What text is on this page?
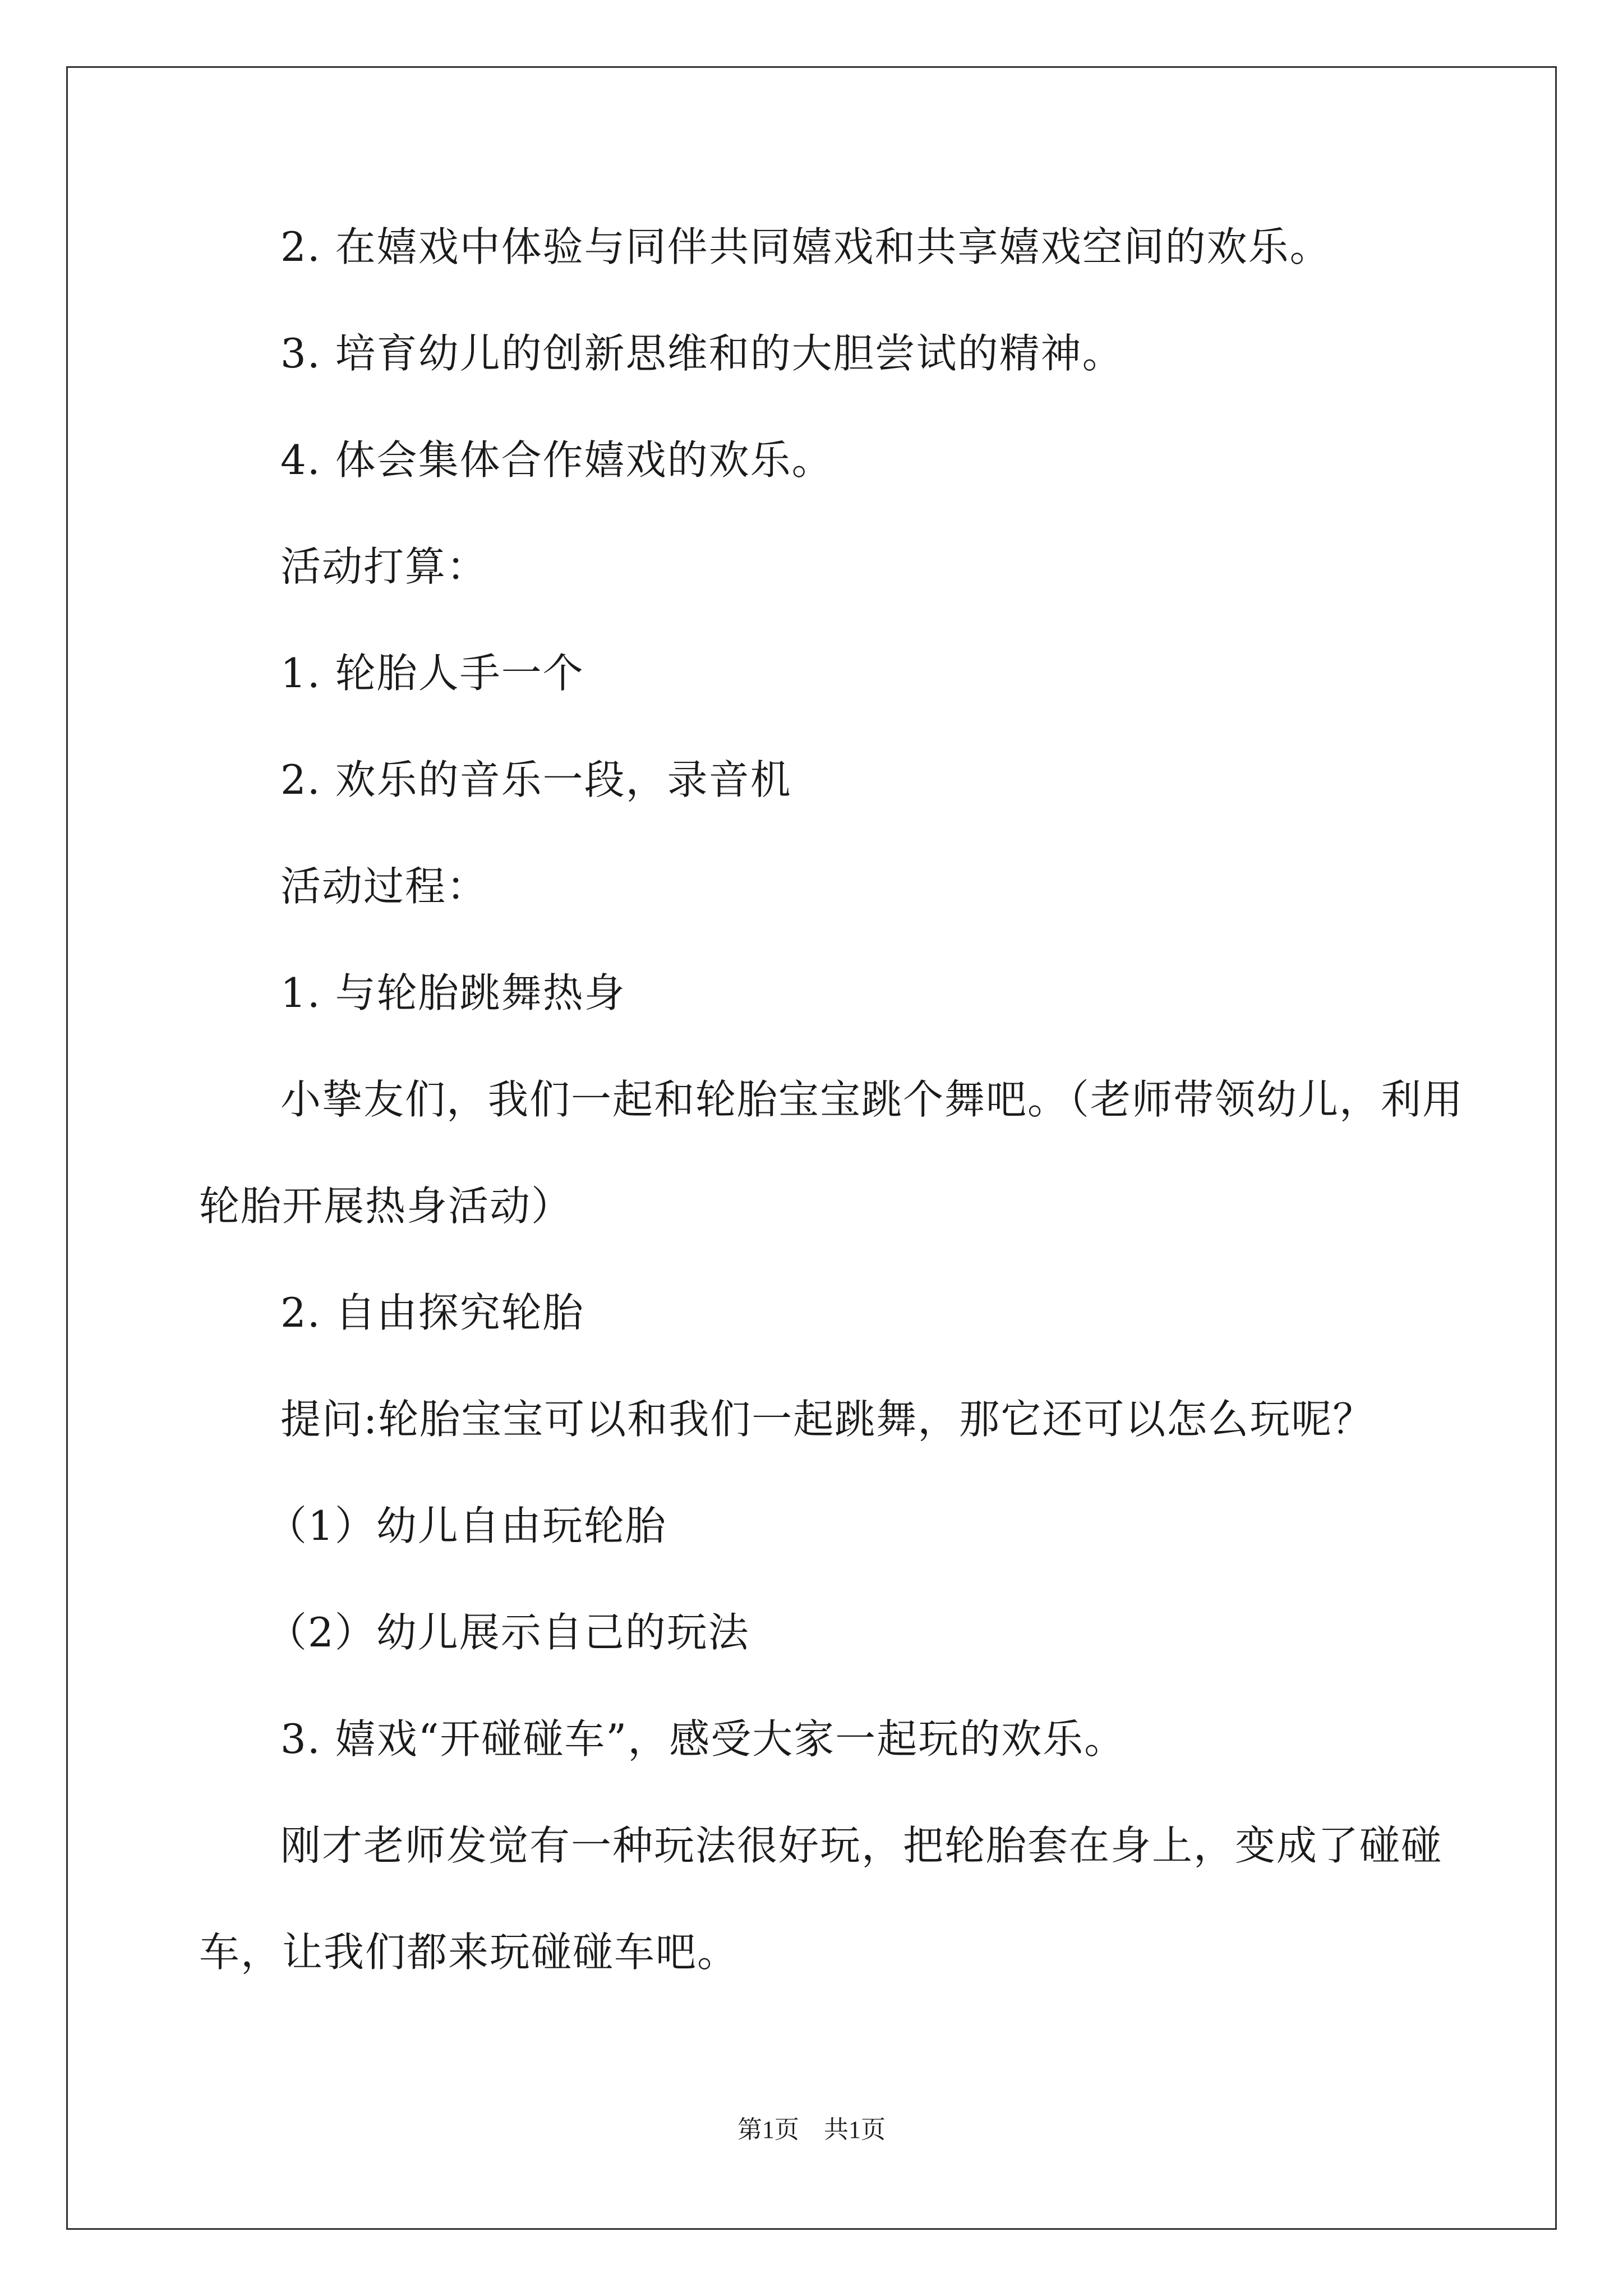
2. 在嬉戏中体验与同伴共同嬉戏和共享嬉戏空间的欢乐。
3. 培育幼儿的创新思维和的大胆尝试的精神。
4. 体会集体合作嬉戏的欢乐。
活动打算：
1. 轮胎人手一个
2. 欢乐的音乐一段，录音机
活动过程：
1. 与轮胎跳舞热身
小挚友们，我们一起和轮胎宝宝跳个舞吧。（老师带领幼儿，利用
轮胎开展热身活动）
2. 自由探究轮胎
提问:轮胎宝宝可以和我们一起跳舞，那它还可以怎么玩呢？
（1）幼儿自由玩轮胎
（2）幼儿展示自己的玩法
3. 嬉戏“开碰碰车”，感受大家一起玩的欢乐。
刚才老师发觉有一种玩法很好玩，把轮胎套在身上，变成了碰碰
车，让我们都来玩碰碰车吧。
第1页　共1页
